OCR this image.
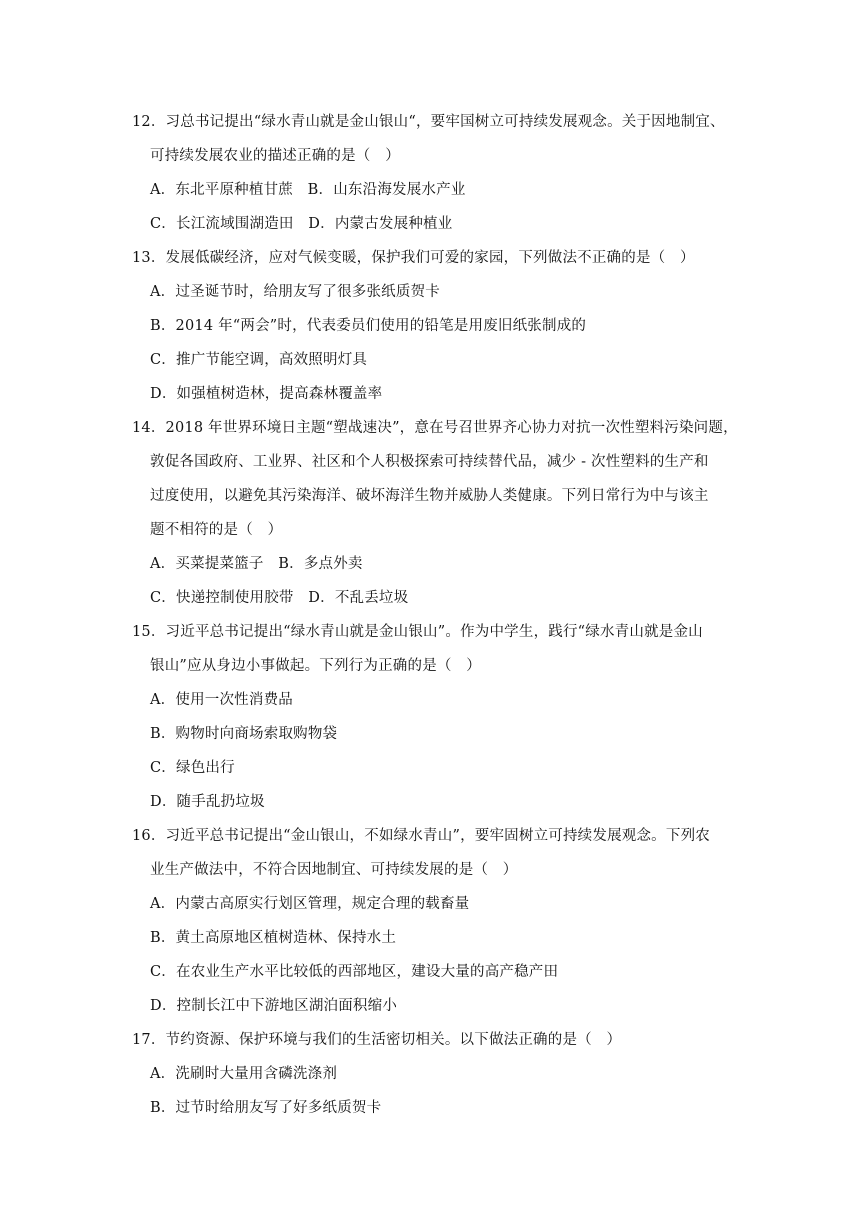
12．习总书记提出“绿水青山就是金山银山“，要牢国树立可持续发展观念。关于因地制宜、
可持续发展农业的描述正确的是（　）
A．东北平原种植甘蔗　B．山东沿海发展水产业
C．长江流域围湖造田　D．内蒙古发展种植业
13．发展低碳经济，应对气候变暖，保护我们可爱的家园，下列做法不正确的是（　）
A．过圣诞节时，给朋友写了很多张纸质贺卡
B．2014 年“两会”时，代表委员们使用的铅笔是用废旧纸张制成的
C．推广节能空调，高效照明灯具
D．如强植树造林，提高森林覆盖率
14．2018 年世界环境日主题“塑战速决”，意在号召世界齐心协力对抗一次性塑料污染问题，
敦促各国政府、工业界、社区和个人积极探索可持续替代品，减少 - 次性塑料的生产和
过度使用，以避免其污染海洋、破坏海洋生物并威胁人类健康。下列日常行为中与该主
题不相符的是（　）
A．买菜提菜篮子　B．多点外卖
C．快递控制使用胶带　D．不乱丢垃圾
15．习近平总书记提出“绿水青山就是金山银山”。作为中学生，践行“绿水青山就是金山
银山”应从身边小事做起。下列行为正确的是（　）
A．使用一次性消费品
B．购物时向商场索取购物袋
C．绿色出行
D．随手乱扔垃圾
16．习近平总书记提出“金山银山，不如绿水青山”，要牢固树立可持续发展观念。下列农
业生产做法中，不符合因地制宜、可持续发展的是（　）
A．内蒙古高原实行划区管理，规定合理的载畜量
B．黄土高原地区植树造林、保持水土
C．在农业生产水平比较低的西部地区，建设大量的高产稳产田
D．控制长江中下游地区湖泊面积缩小
17．节约资源、保护环境与我们的生活密切相关。以下做法正确的是（　）
A．洗刷时大量用含磷洗涤剂
B．过节时给朋友写了好多纸质贺卡
